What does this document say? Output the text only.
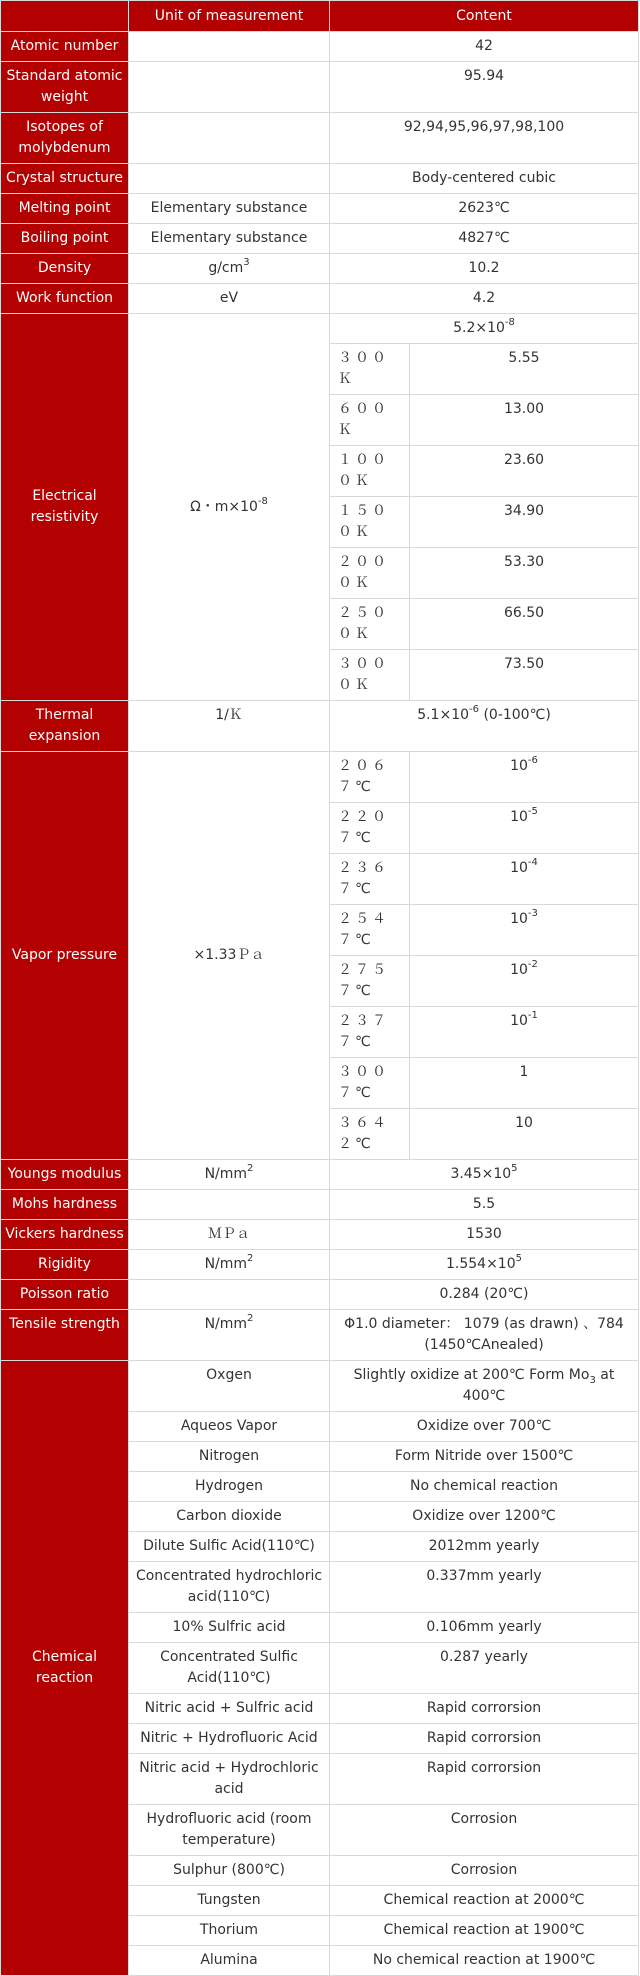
	Unit of measurement	Content	
Atomic number		42	
Standard atomic weight		95.94	
Isotopes of molybdenum		92,94,95,96,97,98,100	
Crystal structure		Body-centered cubic	
Melting point	Elementary substance	2623℃	
Boiling point	Elementary substance	4827℃	
Density	$g/cm^3$	10.2	
Work function	eV	4.2	
Electrical resistivity	Ω・$m\times 10^{-8}$	$5.2\times 10^{-8}$
		３００Ｋ	5.55
		６００Ｋ	13.00
		１０００Ｋ	23.60
		１５００Ｋ	34.90
		２０００Ｋ	53.30
		２５００Ｋ	66.50
		３０００Ｋ	73.50
Thermal expansion	1/Ｋ	$5.1\times 10^{-6}$ (0-100℃)	
Vapor pressure	×1.33Ｐａ	２０６７℃	$10^{-6}$
		２２０７℃	$10^{-5}$
		２３６７℃	$10^{-4}$
		２５４７℃	$10^{-3}$
		２７５７℃	$10^{-2}$
		２３７７℃	$10^{-1}$
		３００７℃	1
		３６４２℃	10
Youngs modulus	$N/mm^2$	$3.45\times 10^5$
Mohs hardness		5.5	
Vickers hardness	ＭＰａ	1530	
Rigidity	$N/mm^2$	$1.554\times 10^5$
Poisson ratio		0.284 (20℃)	
Tensile strength	$N/mm^2$	Φ1.0 diameter： 1079 (as drawn) 、784 (1450℃Anealed)	
Chemical reaction	Oxgen	Slightly oxidize at 200℃ Form $Mo_3$ at 400℃	
	Aqueos Vapor	Oxidize over 700℃	
	Nitrogen	Form Nitride over 1500℃	
	Hydrogen	No chemical reaction	
	Carbon dioxide	Oxidize over 1200℃	
	Dilute Sulfic Acid(110℃)	2012mm yearly	
	Concentrated hydrochloric acid(110℃)	0.337mm yearly	
	10% Sulfric acid	0.106mm yearly	
	Concentrated Sulfic Acid(110℃)	0.287 yearly	
	Nitric acid + Sulfric acid	Rapid corrorsion	
	Nitric + Hydrofluoric Acid	Rapid corrorsion	
	Nitric acid + Hydrochloric acid	Rapid corrorsion	
	Hydrofluoric acid (room temperature)	Corrosion	
	Sulphur (800℃)	Corrosion	
	Tungsten	Chemical reaction at 2000℃	
	Thorium	Chemical reaction at 1900℃	
	Alumina	No chemical reaction at 1900℃	
